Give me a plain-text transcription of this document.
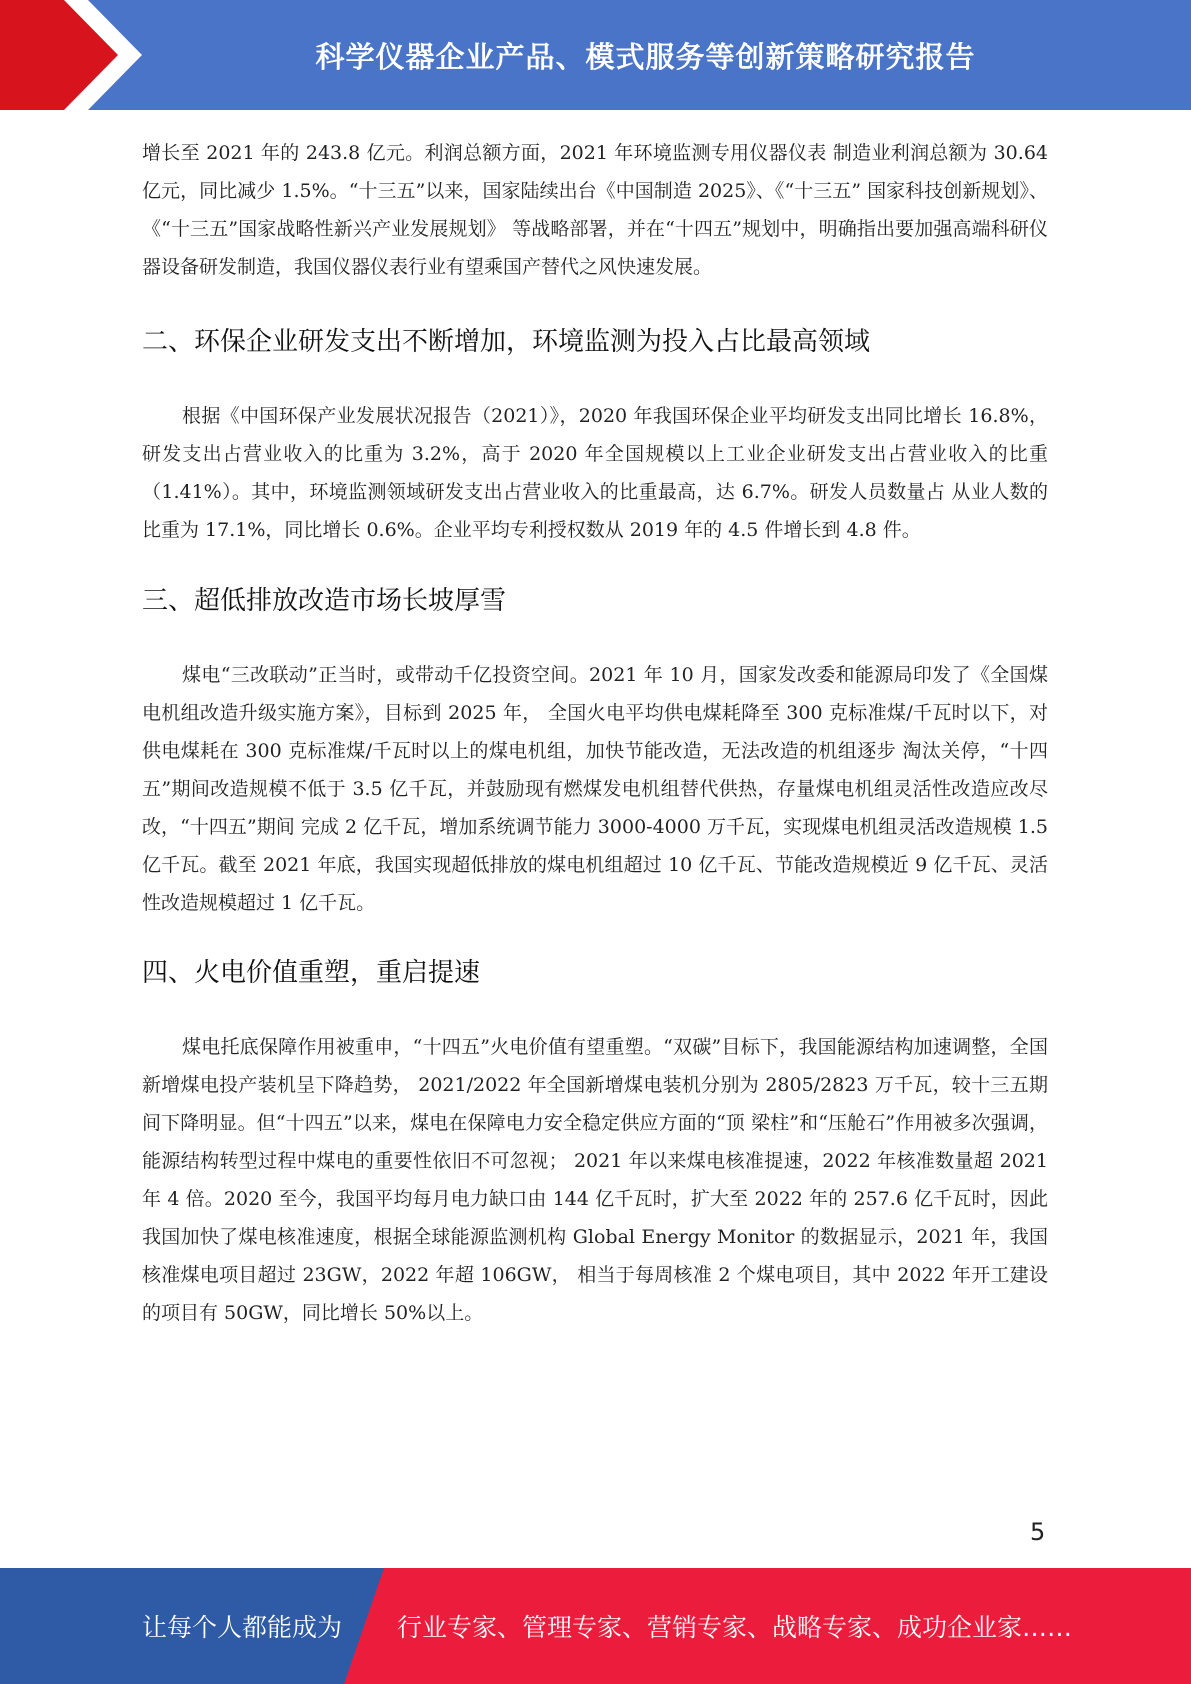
科学仪器企业产品、模式服务等创新策略研究报告

增长至 2021 年的 243.8 亿元。利润总额方面，2021 年环境监测专用仪器仪表 制造业利润总额为 30.64 亿元，同比减少 1.5%。“十三五”以来，国家陆续出台《中国制造 2025》、《“十三五” 国家科技创新规划》、《“十三五”国家战略性新兴产业发展规划》 等战略部署，并在“十四五”规划中，明确指出要加强高端科研仪 器设备研发制造，我国仪器仪表行业有望乘国产替代之风快速发展。

二、环保企业研发支出不断增加，环境监测为投入占比最高领域

根据《中国环保产业发展状况报告（2021）》，2020 年我国环保企业平均研发支出同比增长 16.8%，研发支出占营业收入的比重为 3.2%，高于 2020 年全国规模以上工业企业研发支出占营业收入的比重（1.41%）。其中，环境监测领域研发支出占营业收入的比重最高，达 6.7%。研发人员数量占 从业人数的比重为 17.1%，同比增长 0.6%。企业平均专利授权数从 2019 年的 4.5 件增长到 4.8 件。

三、超低排放改造市场长坡厚雪

煤电“三改联动”正当时，或带动千亿投资空间。2021 年 10 月，国家发改委和能源局印发了《全国煤电机组改造升级实施方案》，目标到 2025 年， 全国火电平均供电煤耗降至 300 克标准煤/千瓦时以下，对供电煤耗在 300 克标准煤/千瓦时以上的煤电机组，加快节能改造，无法改造的机组逐步 淘汰关停，“十四五”期间改造规模不低于 3.5 亿千瓦，并鼓励现有燃煤发电机组替代供热，存量煤电机组灵活性改造应改尽改，“十四五”期间 完成 2 亿千瓦，增加系统调节能力 3000-4000 万千瓦，实现煤电机组灵活改造规模 1.5 亿千瓦。截至 2021 年底，我国实现超低排放的煤电机组超过 10 亿千瓦、节能改造规模近 9 亿千瓦、灵活性改造规模超过 1 亿千瓦。

四、火电价值重塑，重启提速

煤电托底保障作用被重申，“十四五”火电价值有望重塑。“双碳”目标下，我国能源结构加速调整，全国新增煤电投产装机呈下降趋势， 2021/2022 年全国新增煤电装机分别为 2805/2823 万千瓦，较十三五期间下降明显。但“十四五”以来，煤电在保障电力安全稳定供应方面的“顶 梁柱”和“压舱石”作用被多次强调，能源结构转型过程中煤电的重要性依旧不可忽视； 2021 年以来煤电核准提速，2022 年核准数量超 2021 年 4 倍。2020 至今，我国平均每月电力缺口由 144 亿千瓦时，扩大至 2022 年的 257.6 亿千瓦时，因此 我国加快了煤电核准速度，根据全球能源监测机构 Global Energy Monitor 的数据显示，2021 年，我国核准煤电项目超过 23GW，2022 年超 106GW， 相当于每周核准 2 个煤电项目，其中 2022 年开工建设的项目有 50GW，同比增长 50%以上。

5
让每个人都能成为 行业专家、管理专家、营销专家、战略专家、成功企业家……
